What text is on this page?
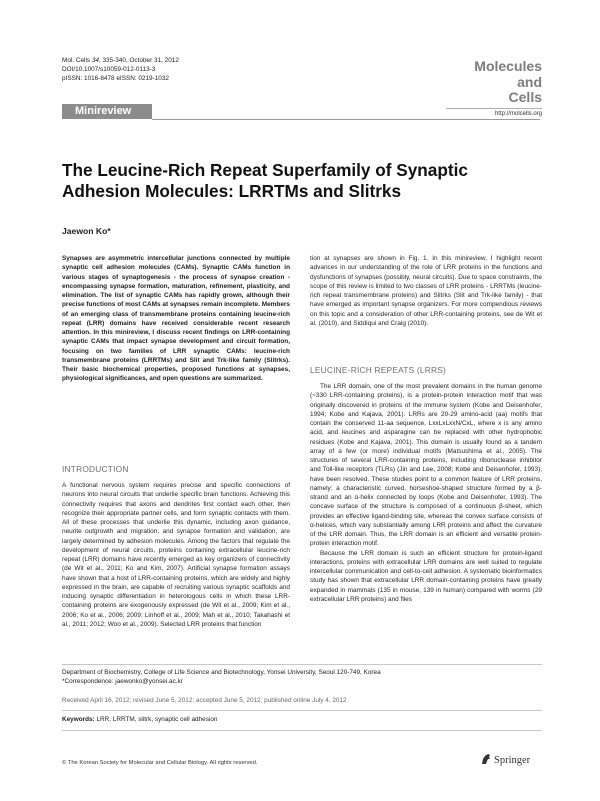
Mol. Cells 34, 335-340, October 31, 2012
DOI/10.1007/s10059-012-0113-3
pISSN: 1016-8478 eISSN: 0219-1032
Molecules
and
Cells
http://molcells.org
Minireview
The Leucine-Rich Repeat Superfamily of Synaptic Adhesion Molecules: LRRTMs and Slitrks
Jaewon Ko*

Synapses are asymmetric intercellular junctions connected by multiple synaptic cell adhesion molecules (CAMs). Synaptic CAMs function in various stages of synaptogenesis - the process of synapse creation - encompassing synapse formation, maturation, refinement, plasticity, and elimination. The list of synaptic CAMs has rapidly grown, although their precise functions of most CAMs at synapses remain incomplete. Members of an emerging class of transmembrane proteins containing leucine-rich repeat (LRR) domains have received considerable recent research attention. In this minireview, I discuss recent findings on LRR-containing synaptic CAMs that impact synapse development and circuit formation, focusing on two families of LRR synaptic CAMs: leucine-rich transmembrane proteins (LRRTMs) and Slit and Trk-like family (Slitrks). Their basic biochemical properties, proposed functions at synapses, physiological significances, and open questions are summarized.

INTRODUCTION

A functional nervous system requires precise and specific connections of neurons into neural circuits that underlie specific brain functions. Achieving this connectivity requires that axons and dendrites first contact each other, then recognize their appropriate partner cells, and form synaptic contacts with them. All of these processes that underlie this dynamic, including axon guidance, neurite outgrowth and migration, and synapse formation and validation, are largely determined by adhesion molecules. Among the factors that regulate the development of neural circuits, proteins containing extracellular leucine-rich repeat (LRR) domains have recently emerged as key organizers of connectivity (de Wit et al., 2011; Ko and Kim, 2007). Artificial synapse formation assays have shown that a host of LRR-containing proteins, which are widely and highly expressed in the brain, are capable of recruiting various synaptic scaffolds and inducing synaptic differentiation in heterologous cells in which these LRR-containing proteins are exogenously expressed (de Wit et al., 2009; Kim et al., 2006; Ko et al., 2006; 2009; Linhoff et al., 2009; Mah et al., 2010; Takahashi et al., 2011; 2012; Woo et al., 2009). Selected LRR proteins that function

tion at synapses are shown in Fig. 1. In this minireview, I highlight recent advances in our understanding of the role of LRR proteins in the functions and dysfunctions of synapses (possibly, neural circuits). Due to space constraints, the scope of this review is limited to two classes of LRR proteins - LRRTMs (leucine-rich repeat transmembrane proteins) and Slitrks (Slit and Trk-like family) - that have emerged as important synapse organizers. For more compendious reviews on this topic and a consideration of other LRR-containing proteins, see de Wit et al. (2010), and Siddiqui and Craig (2010).

LEUCINE-RICH REPEATS (LRRS)

The LRR domain, one of the most prevalent domains in the human genome (~330 LRR-containing proteins), is a protein-protein interaction motif that was originally discovered in proteins of the immune system (Kobe and Deisenhofer, 1994; Kobe and Kajava, 2001). LRRs are 20-29 amino-acid (aa) motifs that contain the conserved 11-aa sequence, LxxLxLxxN/CxL, where x is any amino acid, and leucines and asparagine can be replaced with other hydrophobic residues (Kobe and Kajava, 2001). This domain is usually found as a tandem array of a few (or more) individual motifs (Matsushima et al., 2005). The structures of several LRR-containing proteins, including ribonuclease inhibitor and Toll-like receptors (TLRs) (Jin and Lee, 2008; Kobe and Deisenhofer, 1993), have been resolved. These studies point to a common feature of LRR proteins, namely: a characteristic curved, horseshoe-shaped structure formed by a β-strand and an α-helix connected by loops (Kobe and Deisenhofer, 1993). The concave surface of the structure is composed of a continuous β-sheet, which provides an effective ligand-binding site, whereas the convex surface consists of α-helices, which vary substantially among LRR proteins and affect the curvature of the LRR domain. Thus, the LRR domain is an efficient and versatile protein-protein interaction motif.

Because the LRR domain is such an efficient structure for protein-ligand interactions, proteins with extracellular LRR domains are well suited to regulate intercellular communication and cell-to-cell adhesion. A systematic bioinformatics study has shown that extracellular LRR domain-containing proteins have greatly expanded in mammals (135 in mouse, 139 in human) compared with worms (29 extracellular LRR proteins) and flies

Department of Biochemistry, College of Life Science and Biotechnology, Yonsei University, Seoul 120-749, Korea
*Correspondence: jaewonko@yonsei.ac.kr
Received April 16, 2012; revised June 5, 2012; accepted June 5, 2012; published online July 4, 2012
Keywords: LRR, LRRTM, slitrk, synaptic cell adhesion
© The Korean Society for Molecular and Cellular Biology. All rights reserved.	Springer
